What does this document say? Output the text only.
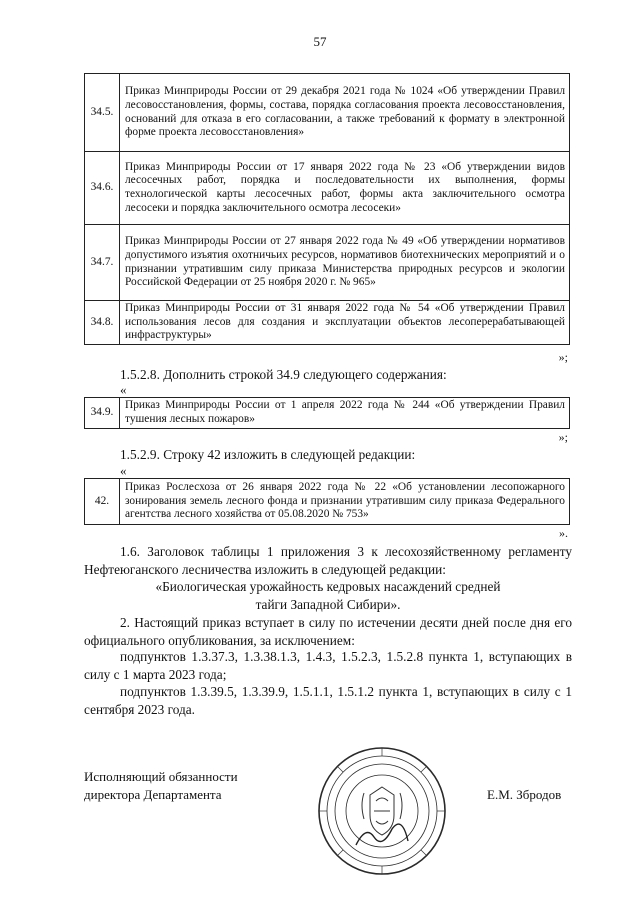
57
34.5.	Приказ Минприроды России от 29 декабря 2021 года № 1024 «Об утверждении Правил лесовосстановления, формы, состава, порядка согласования проекта лесовосстановления, оснований для отказа в его согласовании, а также требований к формату в электронной форме проекта лесовосстановления»
34.6.	Приказ Минприроды России от 17 января 2022 года № 23 «Об утверждении видов лесосечных работ, порядка и последовательности их выполнения, формы технологической карты лесосечных работ, формы акта заключительного осмотра лесосеки и порядка заключительного осмотра лесосеки»
34.7.	Приказ Минприроды России от 27 января 2022 года № 49 «Об утверждении нормативов допустимого изъятия охотничьих ресурсов, нормативов биотехнических мероприятий и о признании утратившим силу приказа Министерства природных ресурсов и экологии Российской Федерации от 25 ноября 2020 г. № 965»
34.8.	Приказ Минприроды России от 31 января 2022 года № 54 «Об утверждении Правил использования лесов для создания и эксплуатации объектов лесоперерабатывающей инфраструктуры»
»;
1.5.2.8. Дополнить строкой 34.9 следующего содержания:
«
34.9.	Приказ Минприроды России от 1 апреля 2022 года № 244 «Об утверждении Правил тушения лесных пожаров»
»;
1.5.2.9. Строку 42 изложить в следующей редакции:
«
42.	Приказ Рослесхоза от 26 января 2022 года № 22 «Об установлении лесопожарного зонирования земель лесного фонда и признании утратившим силу приказа Федерального агентства лесного хозяйства от 05.08.2020 № 753»
».
1.6. Заголовок таблицы 1 приложения 3 к лесохозяйственному регламенту Нефтеюганского лесничества изложить в следующей редакции:
«Биологическая урожайность кедровых насаждений средней тайги Западной Сибири».
2. Настоящий приказ вступает в силу по истечении десяти дней после дня его официального опубликования, за исключением:
подпунктов 1.3.37.3, 1.3.38.1.3, 1.4.3, 1.5.2.3, 1.5.2.8 пункта 1, вступающих в силу с 1 марта 2023 года;
подпунктов 1.3.39.5, 1.3.39.9, 1.5.1.1, 1.5.1.2 пункта 1, вступающих в силу с 1 сентября 2023 года.
Исполняющий обязанности
директора Департамента	Е.М. Збродов
